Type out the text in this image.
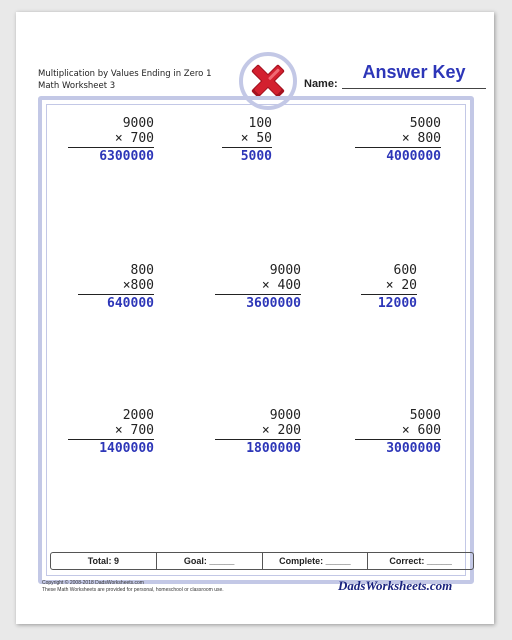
Multiplication by Values Ending in Zero 1
Math Worksheet 3	Name:
Answer Key
9000
× 700
6300000
100
× 50
5000
5000
× 800
4000000
800
×800
640000
9000
× 400
3600000
600
× 20
12000
2000
× 700
1400000
9000
× 200
1800000
5000
× 600
3000000
Total: 9	Goal: _____	Complete: _____	Correct: _____
Copyright © 2008-2018 DadsWorksheets.com
These Math Worksheets are provided for personal, homeschool or classroom use.	DadsWorksheets.com
